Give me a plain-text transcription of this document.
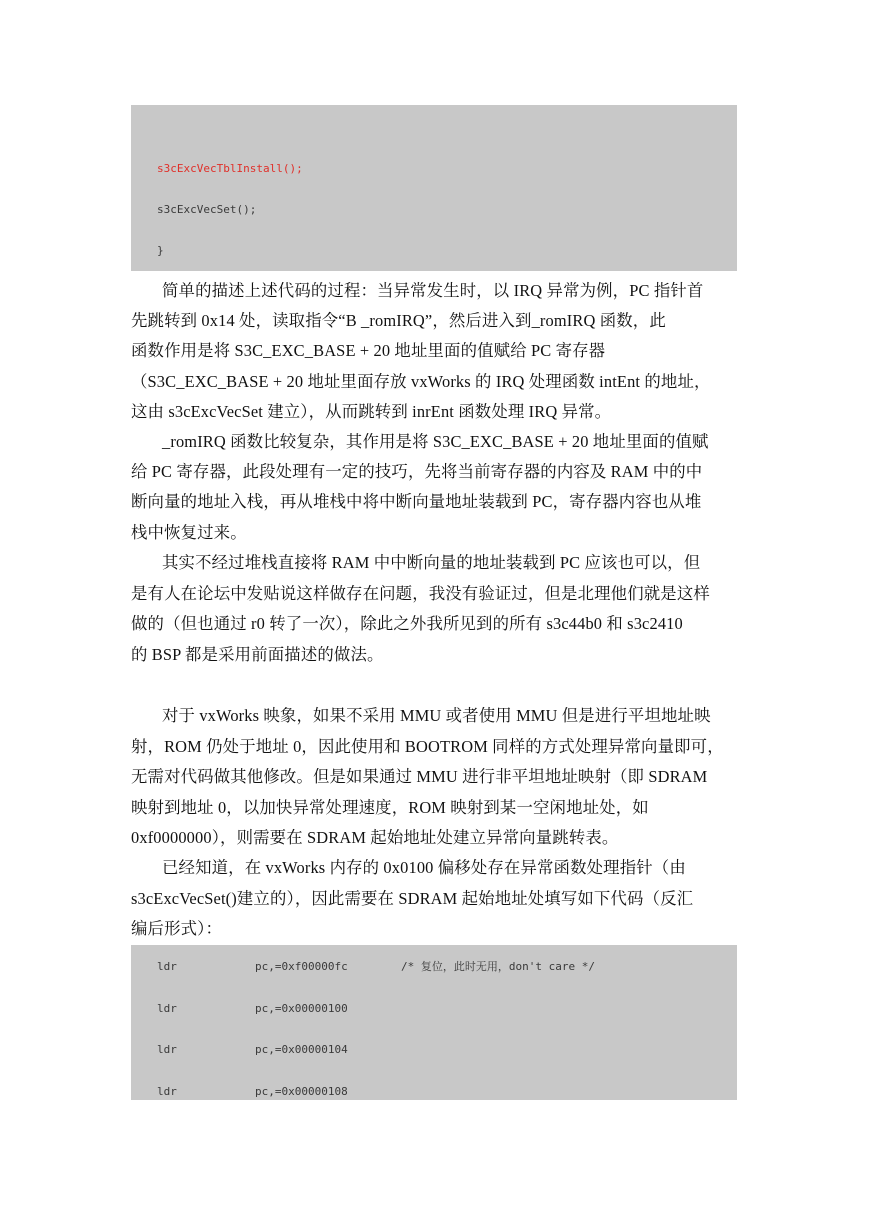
s3cExcVecTblInstall();
s3cExcVecSet();
}
简单的描述上述代码的过程：当异常发生时，以 IRQ 异常为例，PC 指针首
先跳转到 0x14 处，读取指令“B _romIRQ”，然后进入到_romIRQ 函数，此
函数作用是将 S3C_EXC_BASE + 20 地址里面的值赋给 PC 寄存器
（S3C_EXC_BASE + 20 地址里面存放 vxWorks 的 IRQ 处理函数 intEnt 的地址，
这由 s3cExcVecSet 建立），从而跳转到 inrEnt 函数处理 IRQ 异常。
_romIRQ 函数比较复杂，其作用是将 S3C_EXC_BASE + 20 地址里面的值赋
给 PC 寄存器，此段处理有一定的技巧，先将当前寄存器的内容及 RAM 中的中
断向量的地址入栈，再从堆栈中将中断向量地址装载到 PC，寄存器内容也从堆
栈中恢复过来。
其实不经过堆栈直接将 RAM 中中断向量的地址装载到 PC 应该也可以，但
是有人在论坛中发贴说这样做存在问题，我没有验证过，但是北理他们就是这样
做的（但也通过 r0 转了一次），除此之外我所见到的所有 s3c44b0 和 s3c2410
的 BSP 都是采用前面描述的做法。
对于 vxWorks 映象，如果不采用 MMU 或者使用 MMU 但是进行平坦地址映
射，ROM 仍处于地址 0，因此使用和 BOOTROM 同样的方式处理异常向量即可，
无需对代码做其他修改。但是如果通过 MMU 进行非平坦地址映射（即 SDRAM
映射到地址 0，以加快异常处理速度，ROM 映射到某一空闲地址处，如
0xf0000000），则需要在 SDRAM 起始地址处建立异常向量跳转表。
已经知道，在 vxWorks 内存的 0x0100 偏移处存在异常函数处理指针（由
s3cExcVecSet()建立的），因此需要在 SDRAM 起始地址处填写如下代码（反汇
编后形式）：
ldr	pc,=0xf00000fc	/* 复位，此时无用，don't care */
ldr	pc,=0x00000100
ldr	pc,=0x00000104
ldr	pc,=0x00000108
